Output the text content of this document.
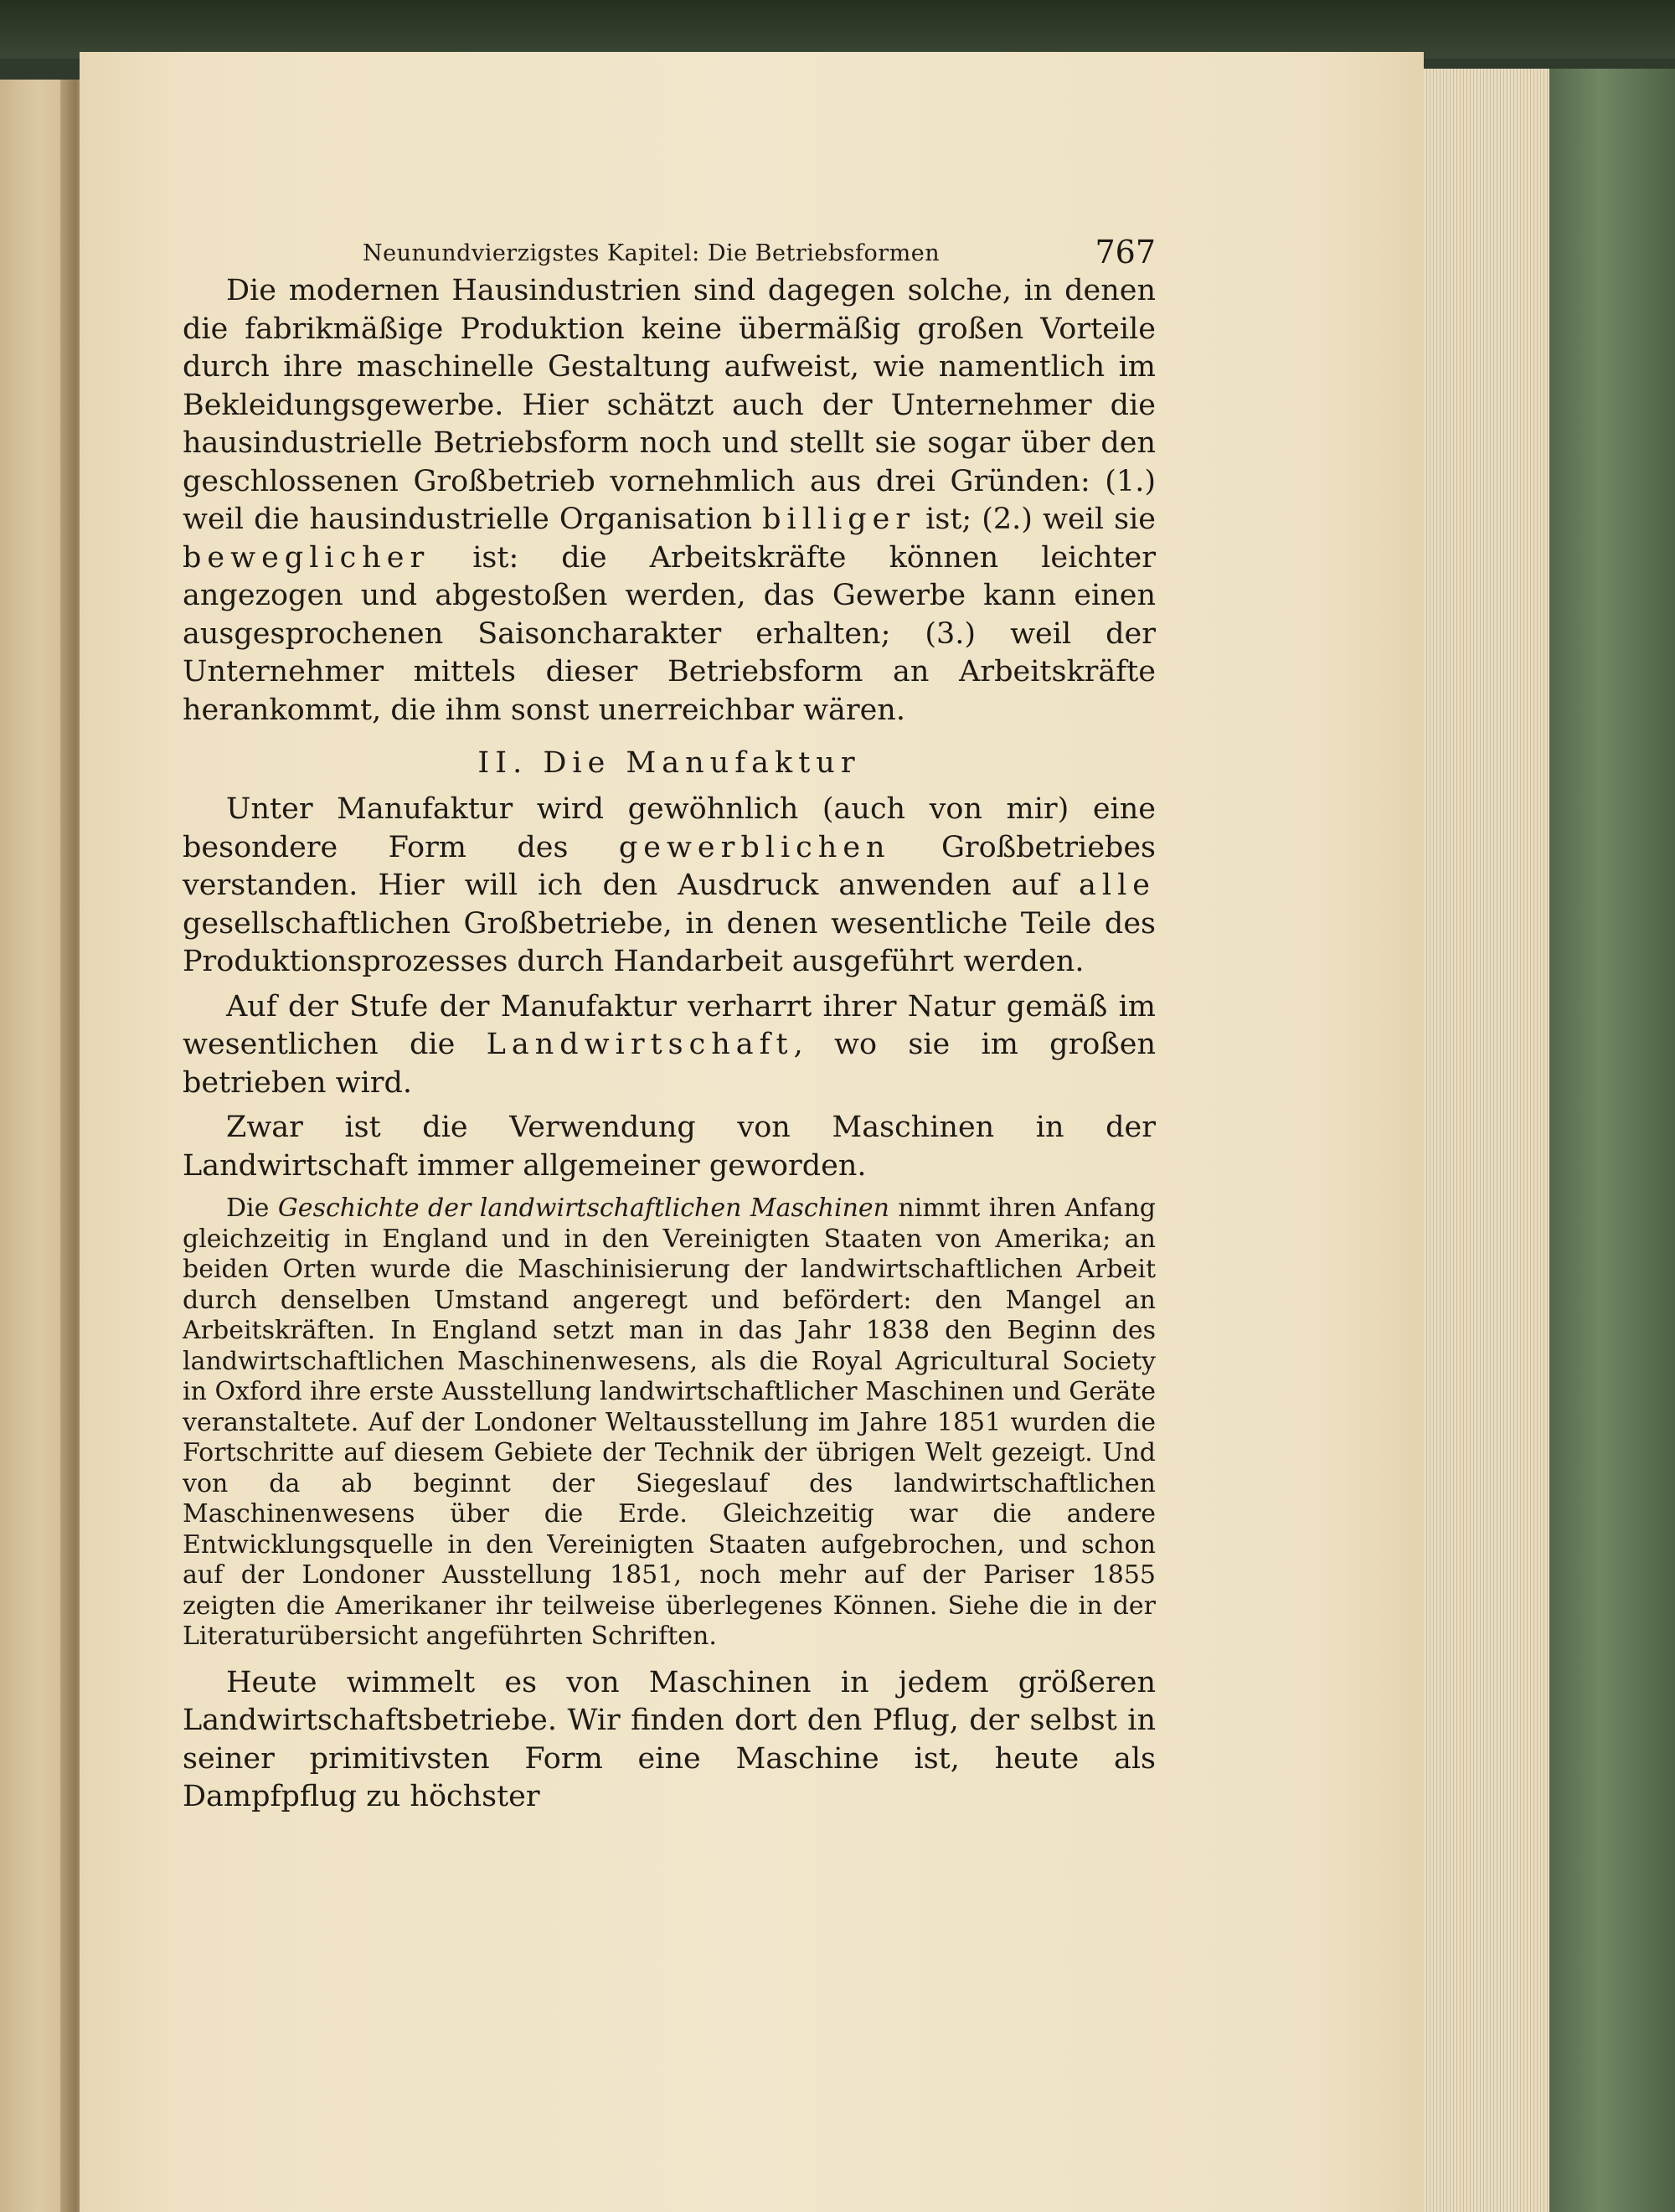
Neunundvierzigstes Kapitel: Die Betriebsformen	767

Die modernen Hausindustrien sind dagegen solche, in denen die fabrikmäßige Produktion keine übermäßig großen Vorteile durch ihre maschinelle Gestaltung aufweist, wie namentlich im Bekleidungsgewerbe. Hier schätzt auch der Unternehmer die hausindustrielle Betriebsform noch und stellt sie sogar über den geschlossenen Großbetrieb vornehmlich aus drei Gründen: (1.) weil die hausindustrielle Organisation billiger ist; (2.) weil sie beweglicher ist: die Arbeitskräfte können leichter angezogen und abgestoßen werden, das Gewerbe kann einen ausgesprochenen Saisoncharakter erhalten; (3.) weil der Unternehmer mittels dieser Betriebsform an Arbeitskräfte herankommt, die ihm sonst unerreichbar wären.

II. Die Manufaktur

Unter Manufaktur wird gewöhnlich (auch von mir) eine besondere Form des gewerblichen Großbetriebes verstanden. Hier will ich den Ausdruck anwenden auf alle gesellschaftlichen Großbetriebe, in denen wesentliche Teile des Produktionsprozesses durch Handarbeit ausgeführt werden.

Auf der Stufe der Manufaktur verharrt ihrer Natur gemäß im wesentlichen die Landwirtschaft, wo sie im großen betrieben wird.

Zwar ist die Verwendung von Maschinen in der Landwirtschaft immer allgemeiner geworden.

Die Geschichte der landwirtschaftlichen Maschinen nimmt ihren Anfang gleichzeitig in England und in den Vereinigten Staaten von Amerika; an beiden Orten wurde die Maschinisierung der landwirtschaftlichen Arbeit durch denselben Umstand angeregt und befördert: den Mangel an Arbeitskräften. In England setzt man in das Jahr 1838 den Beginn des landwirtschaftlichen Maschinenwesens, als die Royal Agricultural Society in Oxford ihre erste Ausstellung landwirtschaftlicher Maschinen und Geräte veranstaltete. Auf der Londoner Weltausstellung im Jahre 1851 wurden die Fortschritte auf diesem Gebiete der Technik der übrigen Welt gezeigt. Und von da ab beginnt der Siegeslauf des landwirtschaftlichen Maschinenwesens über die Erde. Gleichzeitig war die andere Entwicklungsquelle in den Vereinigten Staaten aufgebrochen, und schon auf der Londoner Ausstellung 1851, noch mehr auf der Pariser 1855 zeigten die Amerikaner ihr teilweise überlegenes Können. Siehe die in der Literaturübersicht angeführten Schriften.

Heute wimmelt es von Maschinen in jedem größeren Landwirtschaftsbetriebe. Wir finden dort den Pflug, der selbst in seiner primitivsten Form eine Maschine ist, heute als Dampfpflug zu höchster
